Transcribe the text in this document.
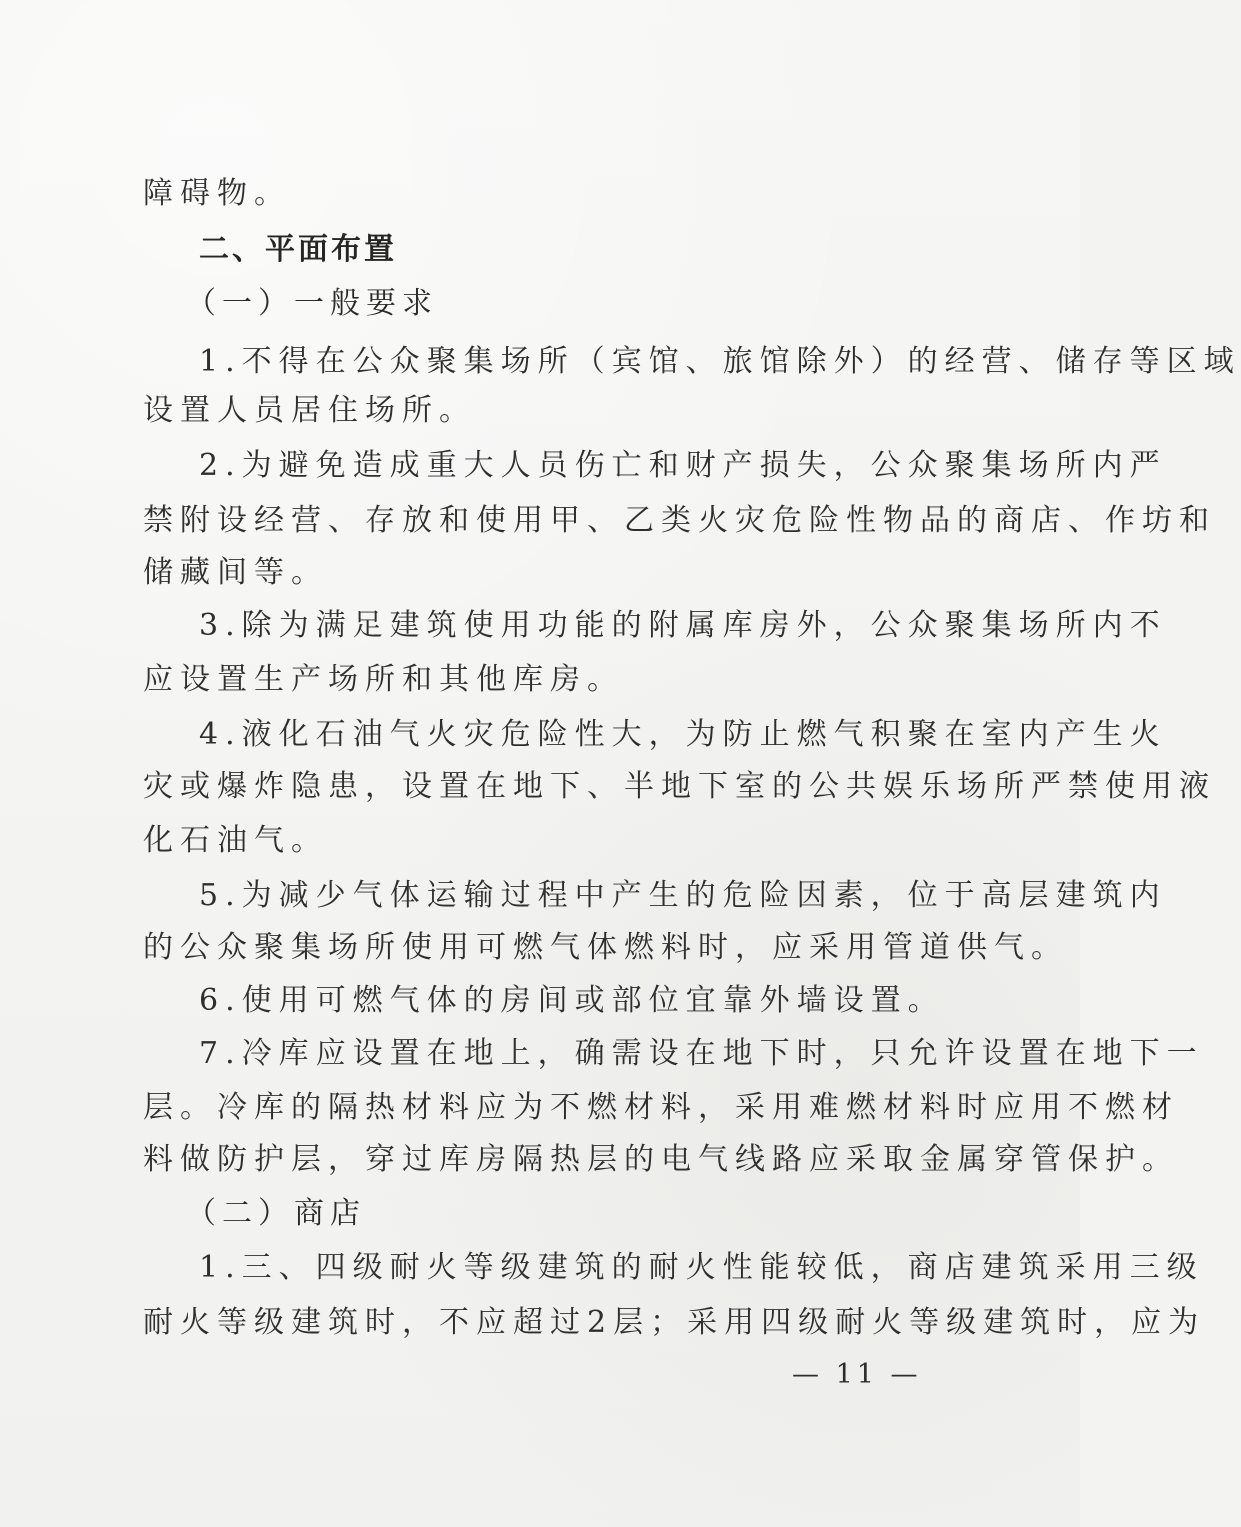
障碍物。

二、平面布置

（一）一般要求

1.不得在公众聚集场所（宾馆、旅馆除外）的经营、储存等区域

设置人员居住场所。

2.为避免造成重大人员伤亡和财产损失，公众聚集场所内严

禁附设经营、存放和使用甲、乙类火灾危险性物品的商店、作坊和

储藏间等。

3.除为满足建筑使用功能的附属库房外，公众聚集场所内不

应设置生产场所和其他库房。

4.液化石油气火灾危险性大，为防止燃气积聚在室内产生火

灾或爆炸隐患，设置在地下、半地下室的公共娱乐场所严禁使用液

化石油气。

5.为减少气体运输过程中产生的危险因素，位于高层建筑内

的公众聚集场所使用可燃气体燃料时，应采用管道供气。

6.使用可燃气体的房间或部位宜靠外墙设置。

7.冷库应设置在地上，确需设在地下时，只允许设置在地下一

层。冷库的隔热材料应为不燃材料，采用难燃材料时应用不燃材

料做防护层，穿过库房隔热层的电气线路应采取金属穿管保护。

（二）商店

1.三、四级耐火等级建筑的耐火性能较低，商店建筑采用三级

耐火等级建筑时，不应超过2层；采用四级耐火等级建筑时，应为

— 11 —
